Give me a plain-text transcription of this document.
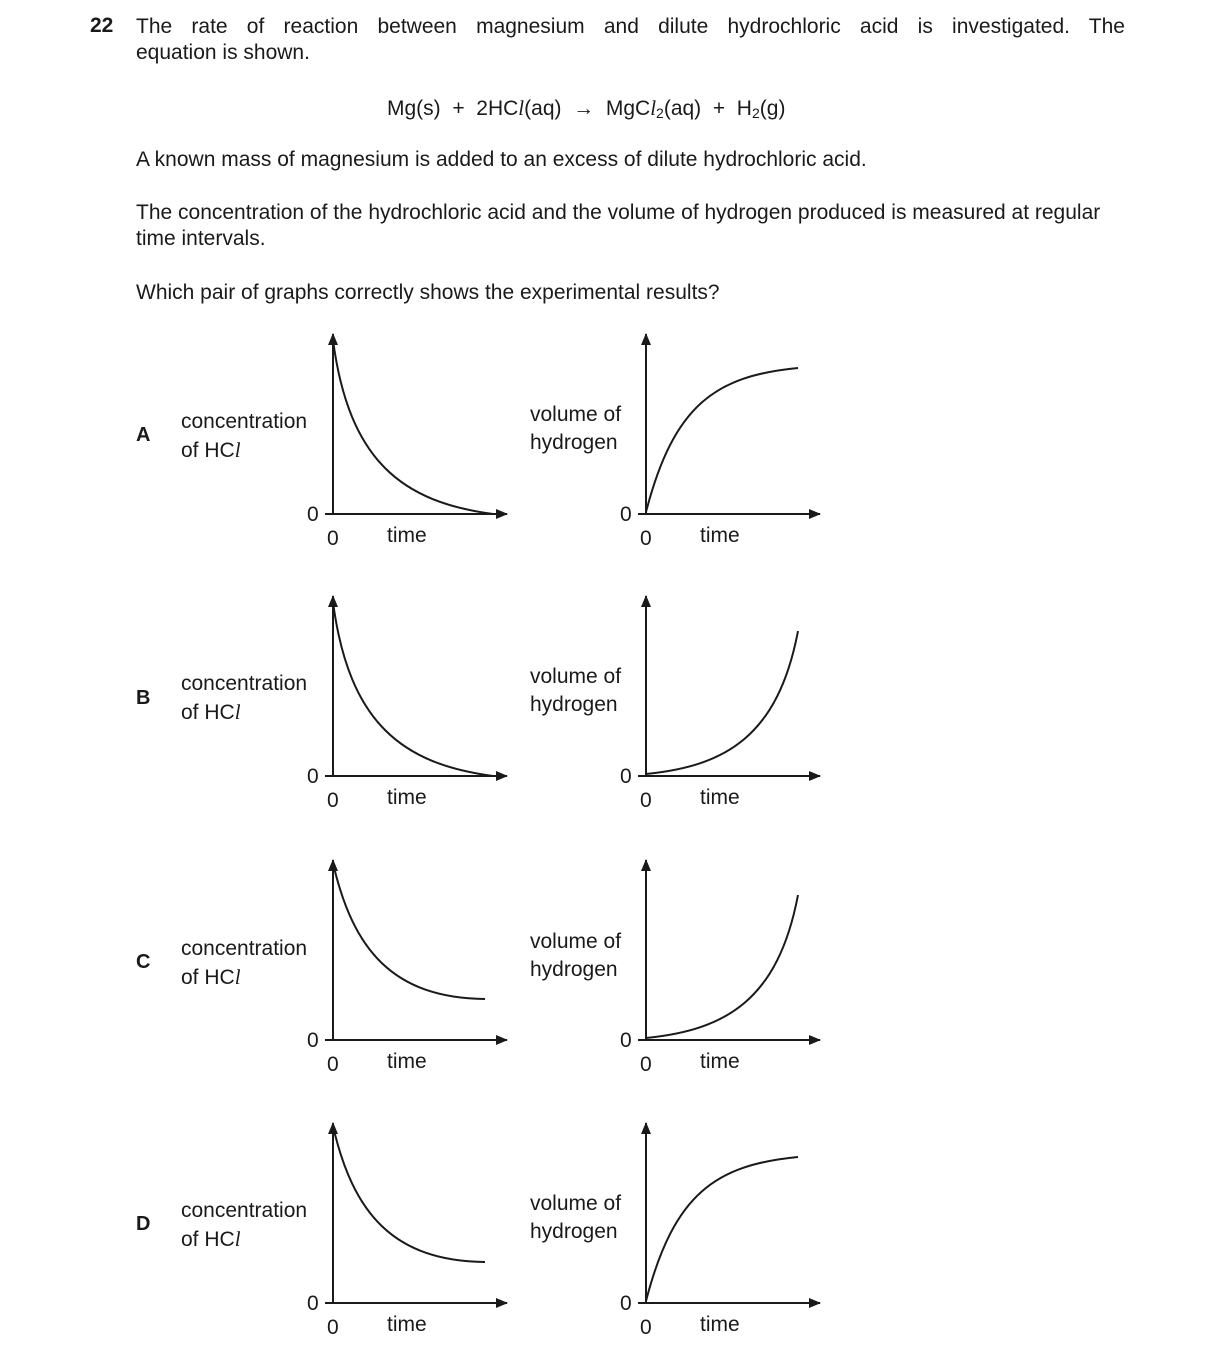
22 The rate of reaction between magnesium and dilute hydrochloric acid is investigated. The
equation is shown.
Mg(s) + 2HCl(aq) → MgCl$_2$(aq) + $H_2(g)$
A known mass of magnesium is added to an excess of dilute hydrochloric acid.
The concentration of the hydrochloric acid and the volume of hydrogen produced is measured at regular time intervals.
Which pair of graphs correctly shows the experimental results?
A
B
C
D
concentration
of HCl
concentration
of HCl
concentration
of HCl
concentration
of HCl
volume of
hydrogen
volume of
hydrogen
volume of
hydrogen
volume of
hydrogen
0
0 time
0
0 time
0
0 time
0
0 time
0
0 time
0
0 time
0
0 time
0
0 time
